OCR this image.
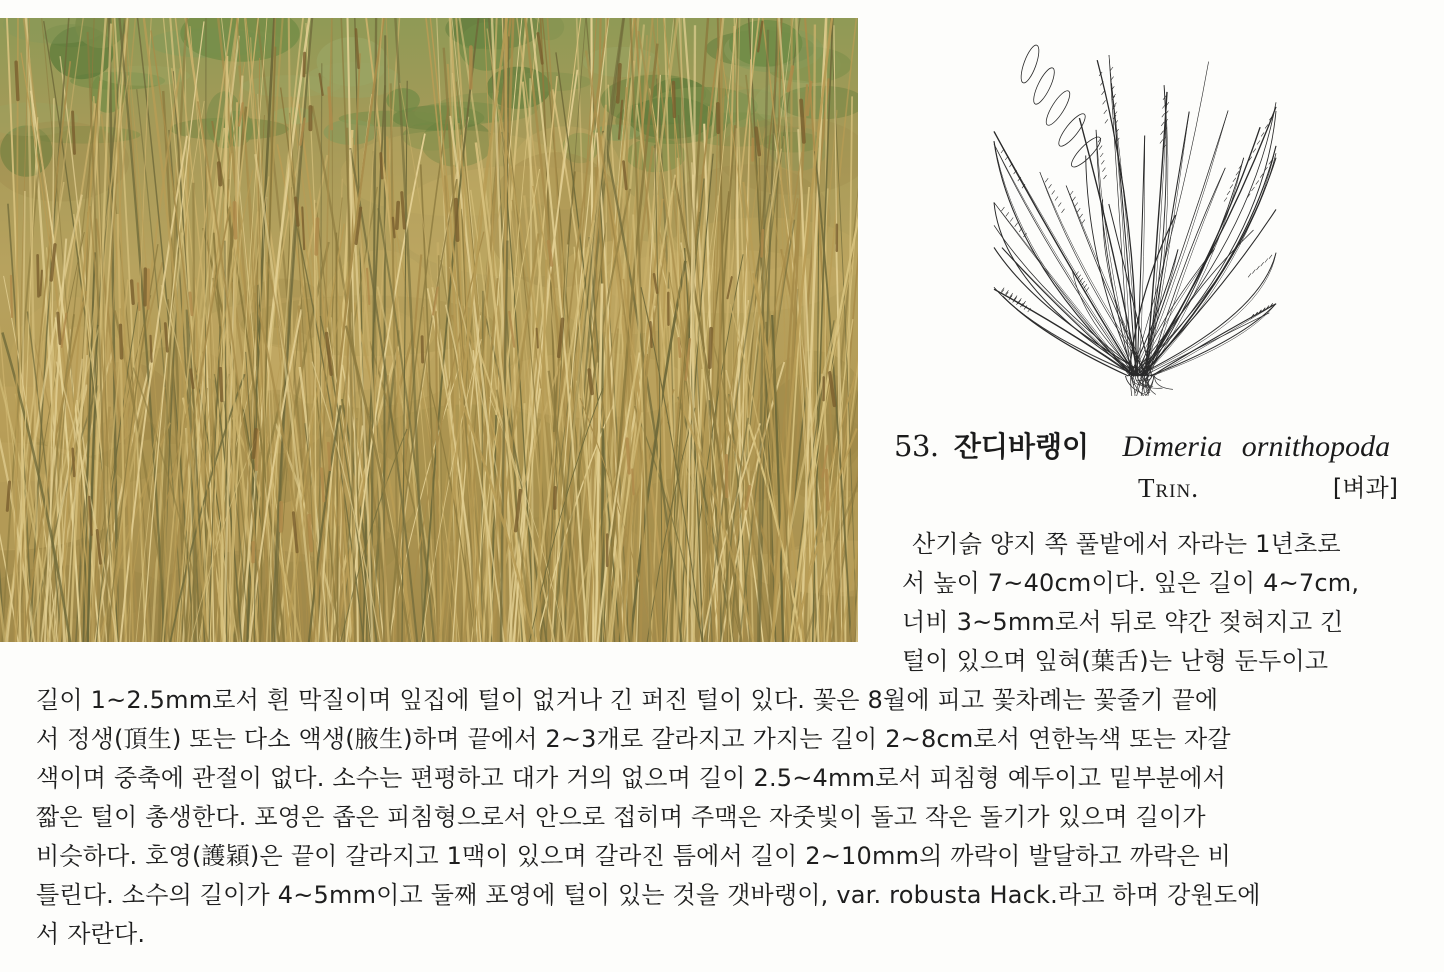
53. 잔디바랭이 Dimeria ornithopoda
Trin.	[벼과]
산기슭 양지 쪽 풀밭에서 자라는 1년초로
서 높이 7~40cm이다. 잎은 길이 4~7cm,
너비 3~5mm로서 뒤로 약간 젖혀지고 긴
털이 있으며 잎혀(葉舌)는 난형 둔두이고
길이 1~2.5mm로서 흰 막질이며 잎집에 털이 없거나 긴 퍼진 털이 있다. 꽃은 8월에 피고 꽃차례는 꽃줄기 끝에
서 정생(頂生) 또는 다소 액생(腋生)하며 끝에서 2~3개로 갈라지고 가지는 길이 2~8cm로서 연한녹색 또는 자갈
색이며 중축에 관절이 없다. 소수는 편평하고 대가 거의 없으며 길이 2.5~4mm로서 피침형 예두이고 밑부분에서
짧은 털이 총생한다. 포영은 좁은 피침형으로서 안으로 접히며 주맥은 자줏빛이 돌고 작은 돌기가 있으며 길이가
비슷하다. 호영(護穎)은 끝이 갈라지고 1맥이 있으며 갈라진 틈에서 길이 2~10mm의 까락이 발달하고 까락은 비
틀린다. 소수의 길이가 4~5mm이고 둘째 포영에 털이 있는 것을 갯바랭이, var. robusta Hack.라고 하며 강원도에
서 자란다.
